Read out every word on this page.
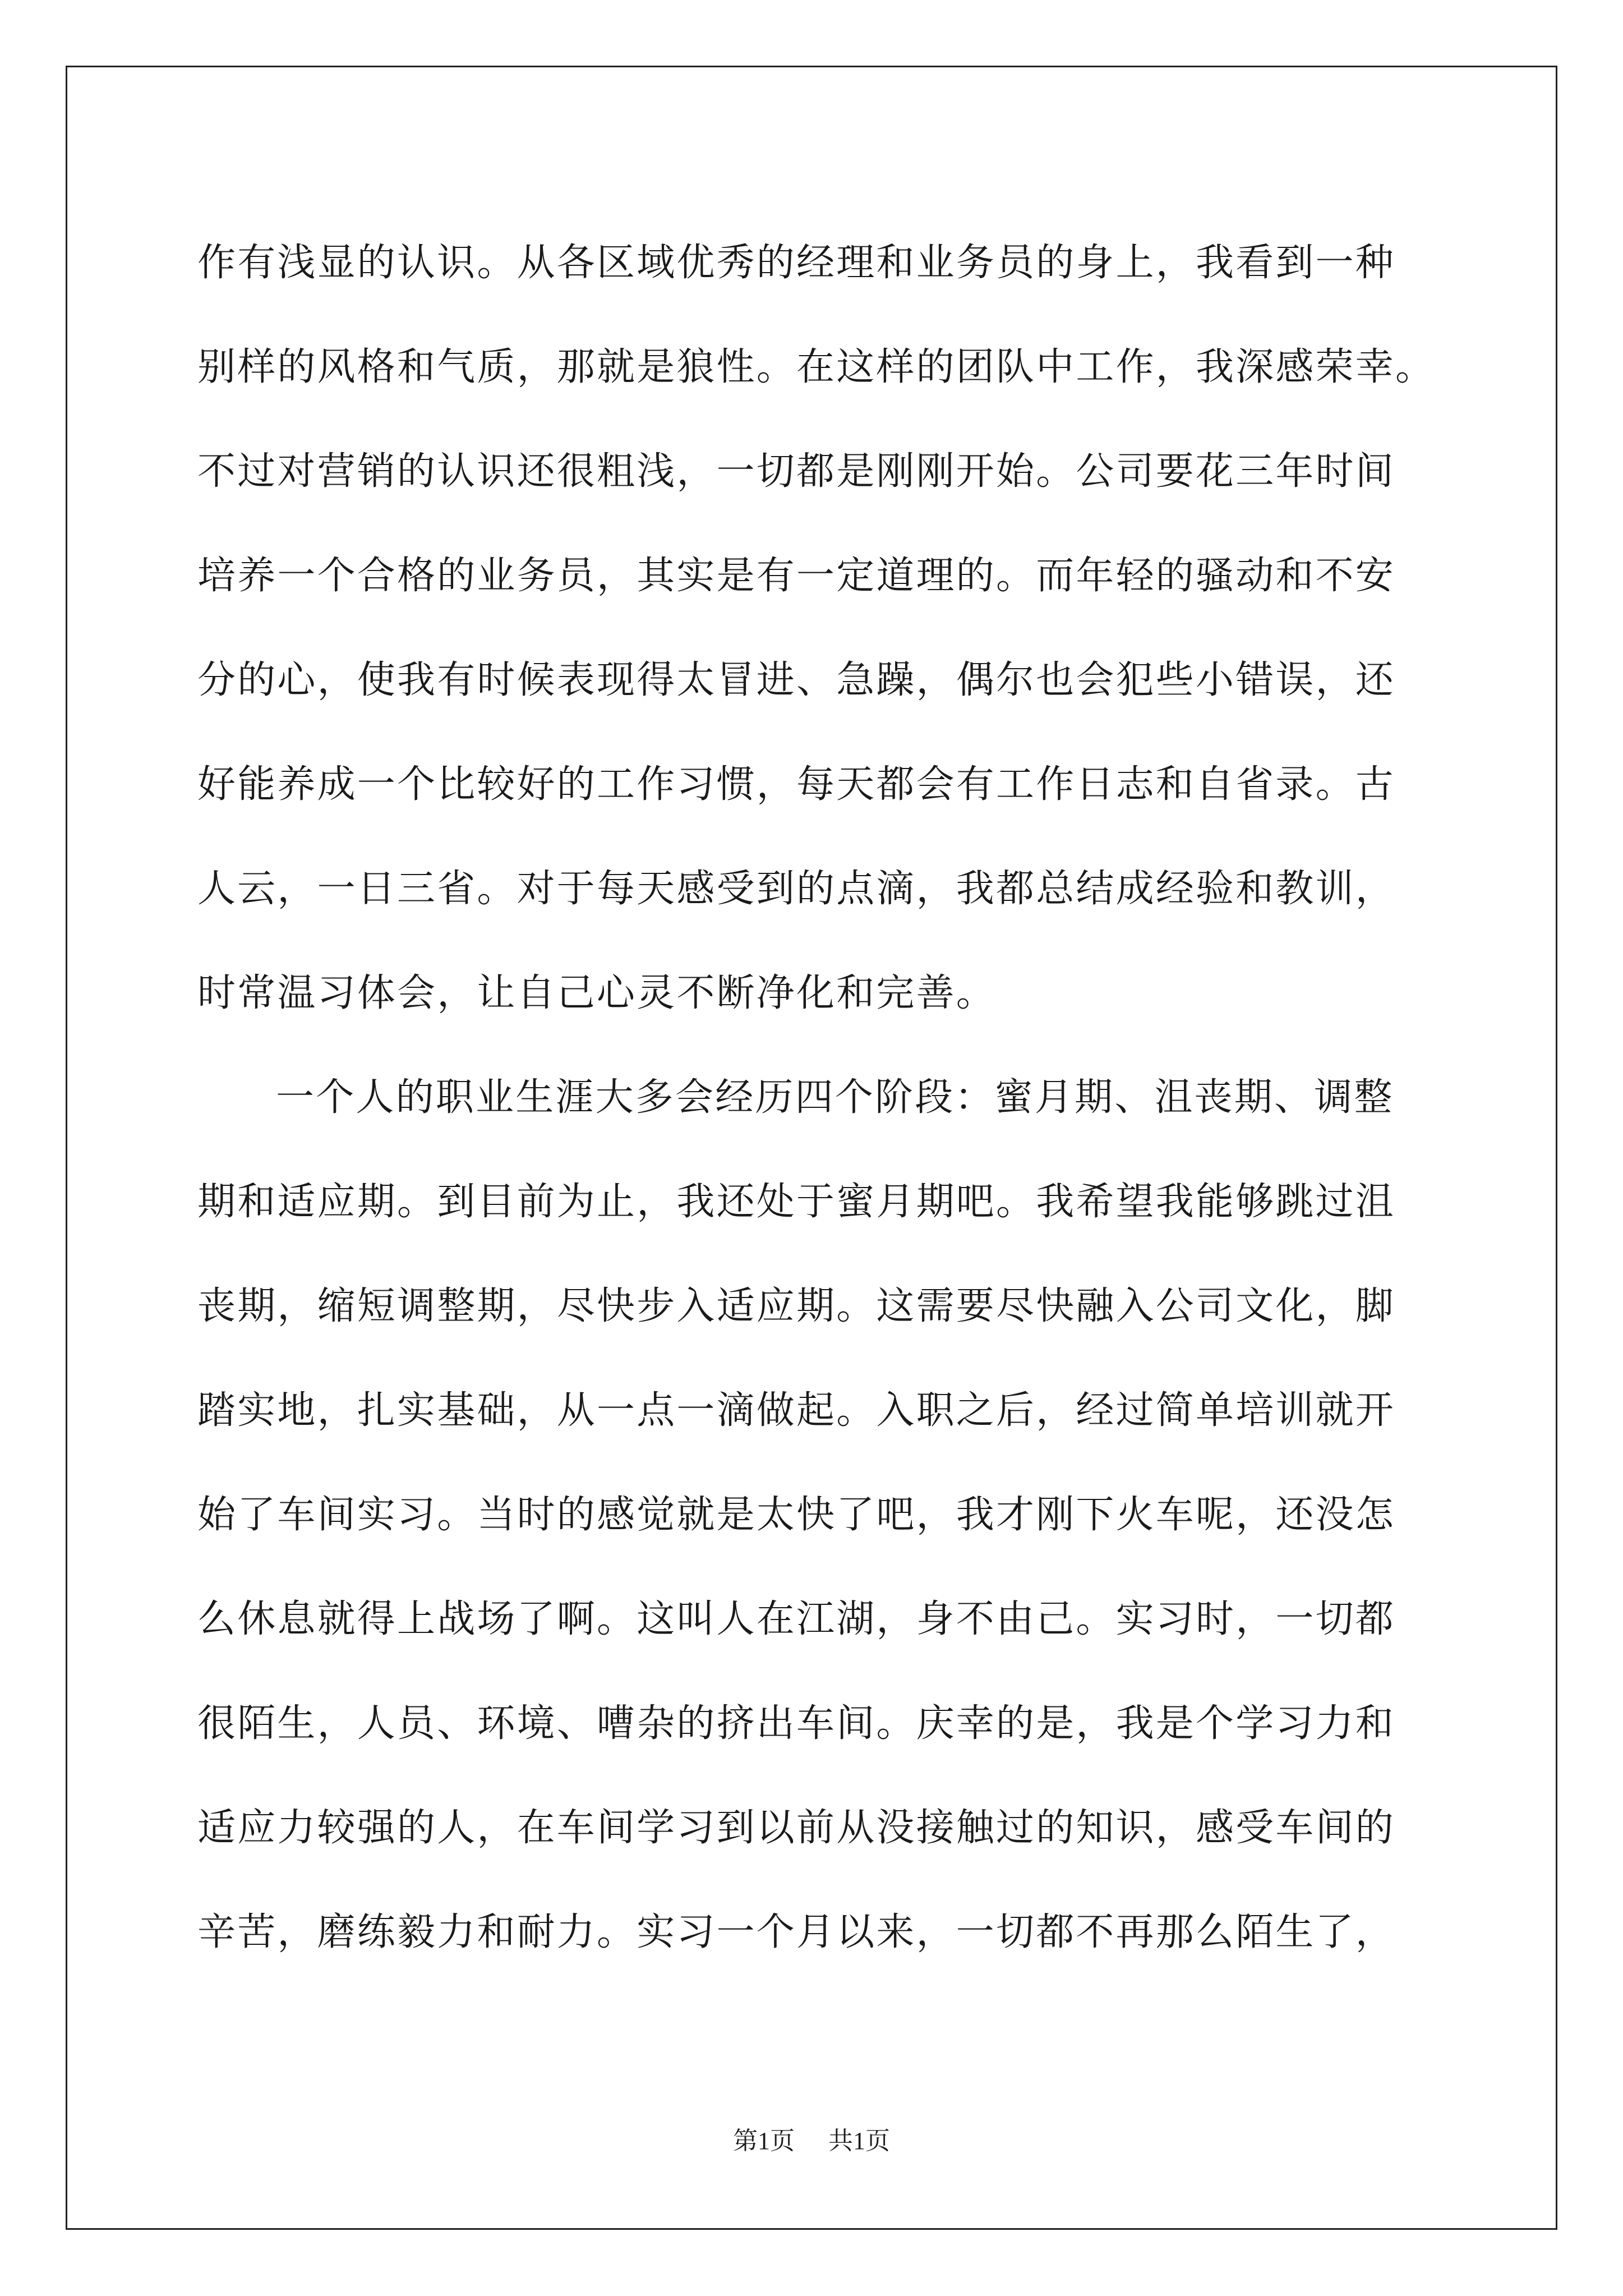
作有浅显的认识。从各区域优秀的经理和业务员的身上，我看到一种
别样的风格和气质，那就是狼性。在这样的团队中工作，我深感荣幸。
不过对营销的认识还很粗浅，一切都是刚刚开始。公司要花三年时间
培养一个合格的业务员，其实是有一定道理的。而年轻的骚动和不安
分的心，使我有时候表现得太冒进、急躁，偶尔也会犯些小错误，还
好能养成一个比较好的工作习惯，每天都会有工作日志和自省录。古
人云，一日三省。对于每天感受到的点滴，我都总结成经验和教训，
时常温习体会，让自己心灵不断净化和完善。
一个人的职业生涯大多会经历四个阶段：蜜月期、沮丧期、调整
期和适应期。到目前为止，我还处于蜜月期吧。我希望我能够跳过沮
丧期，缩短调整期，尽快步入适应期。这需要尽快融入公司文化，脚
踏实地，扎实基础，从一点一滴做起。入职之后，经过简单培训就开
始了车间实习。当时的感觉就是太快了吧，我才刚下火车呢，还没怎
么休息就得上战场了啊。这叫人在江湖，身不由己。实习时，一切都
很陌生，人员、环境、嘈杂的挤出车间。庆幸的是，我是个学习力和
适应力较强的人，在车间学习到以前从没接触过的知识，感受车间的
辛苦，磨练毅力和耐力。实习一个月以来，一切都不再那么陌生了，
第1页 共1页
